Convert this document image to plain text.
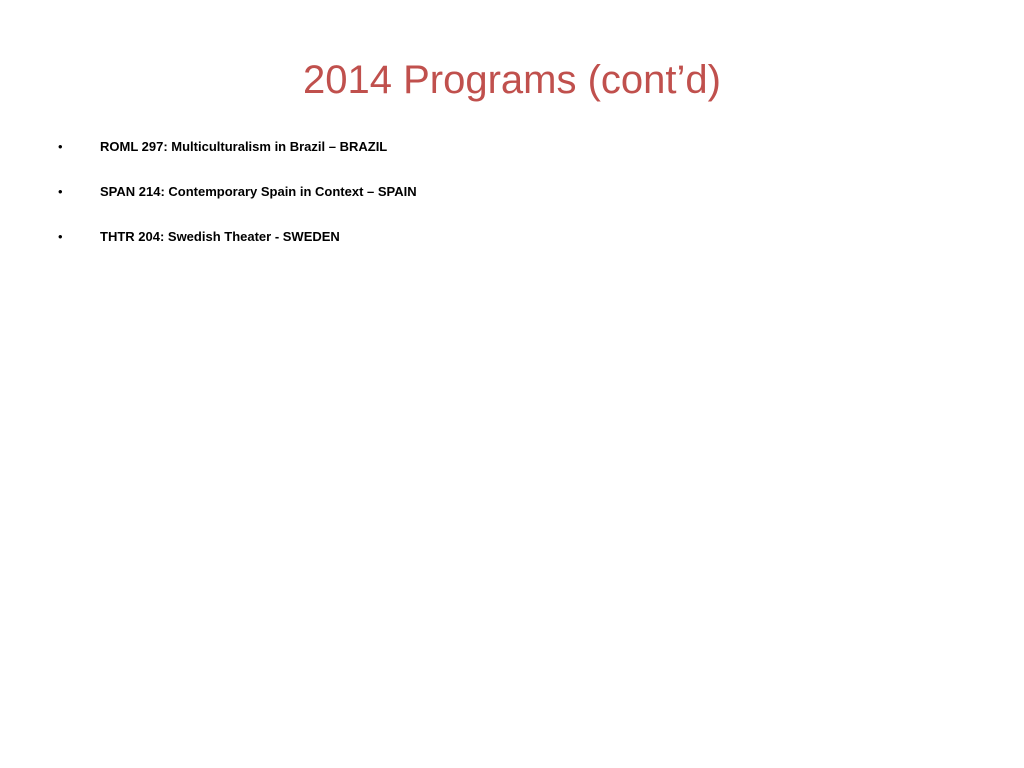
2014 Programs (cont’d)
•	ROML 297: Multiculturalism in Brazil – BRAZIL
•	SPAN 214: Contemporary Spain in Context – SPAIN
•	THTR 204: Swedish Theater - SWEDEN
